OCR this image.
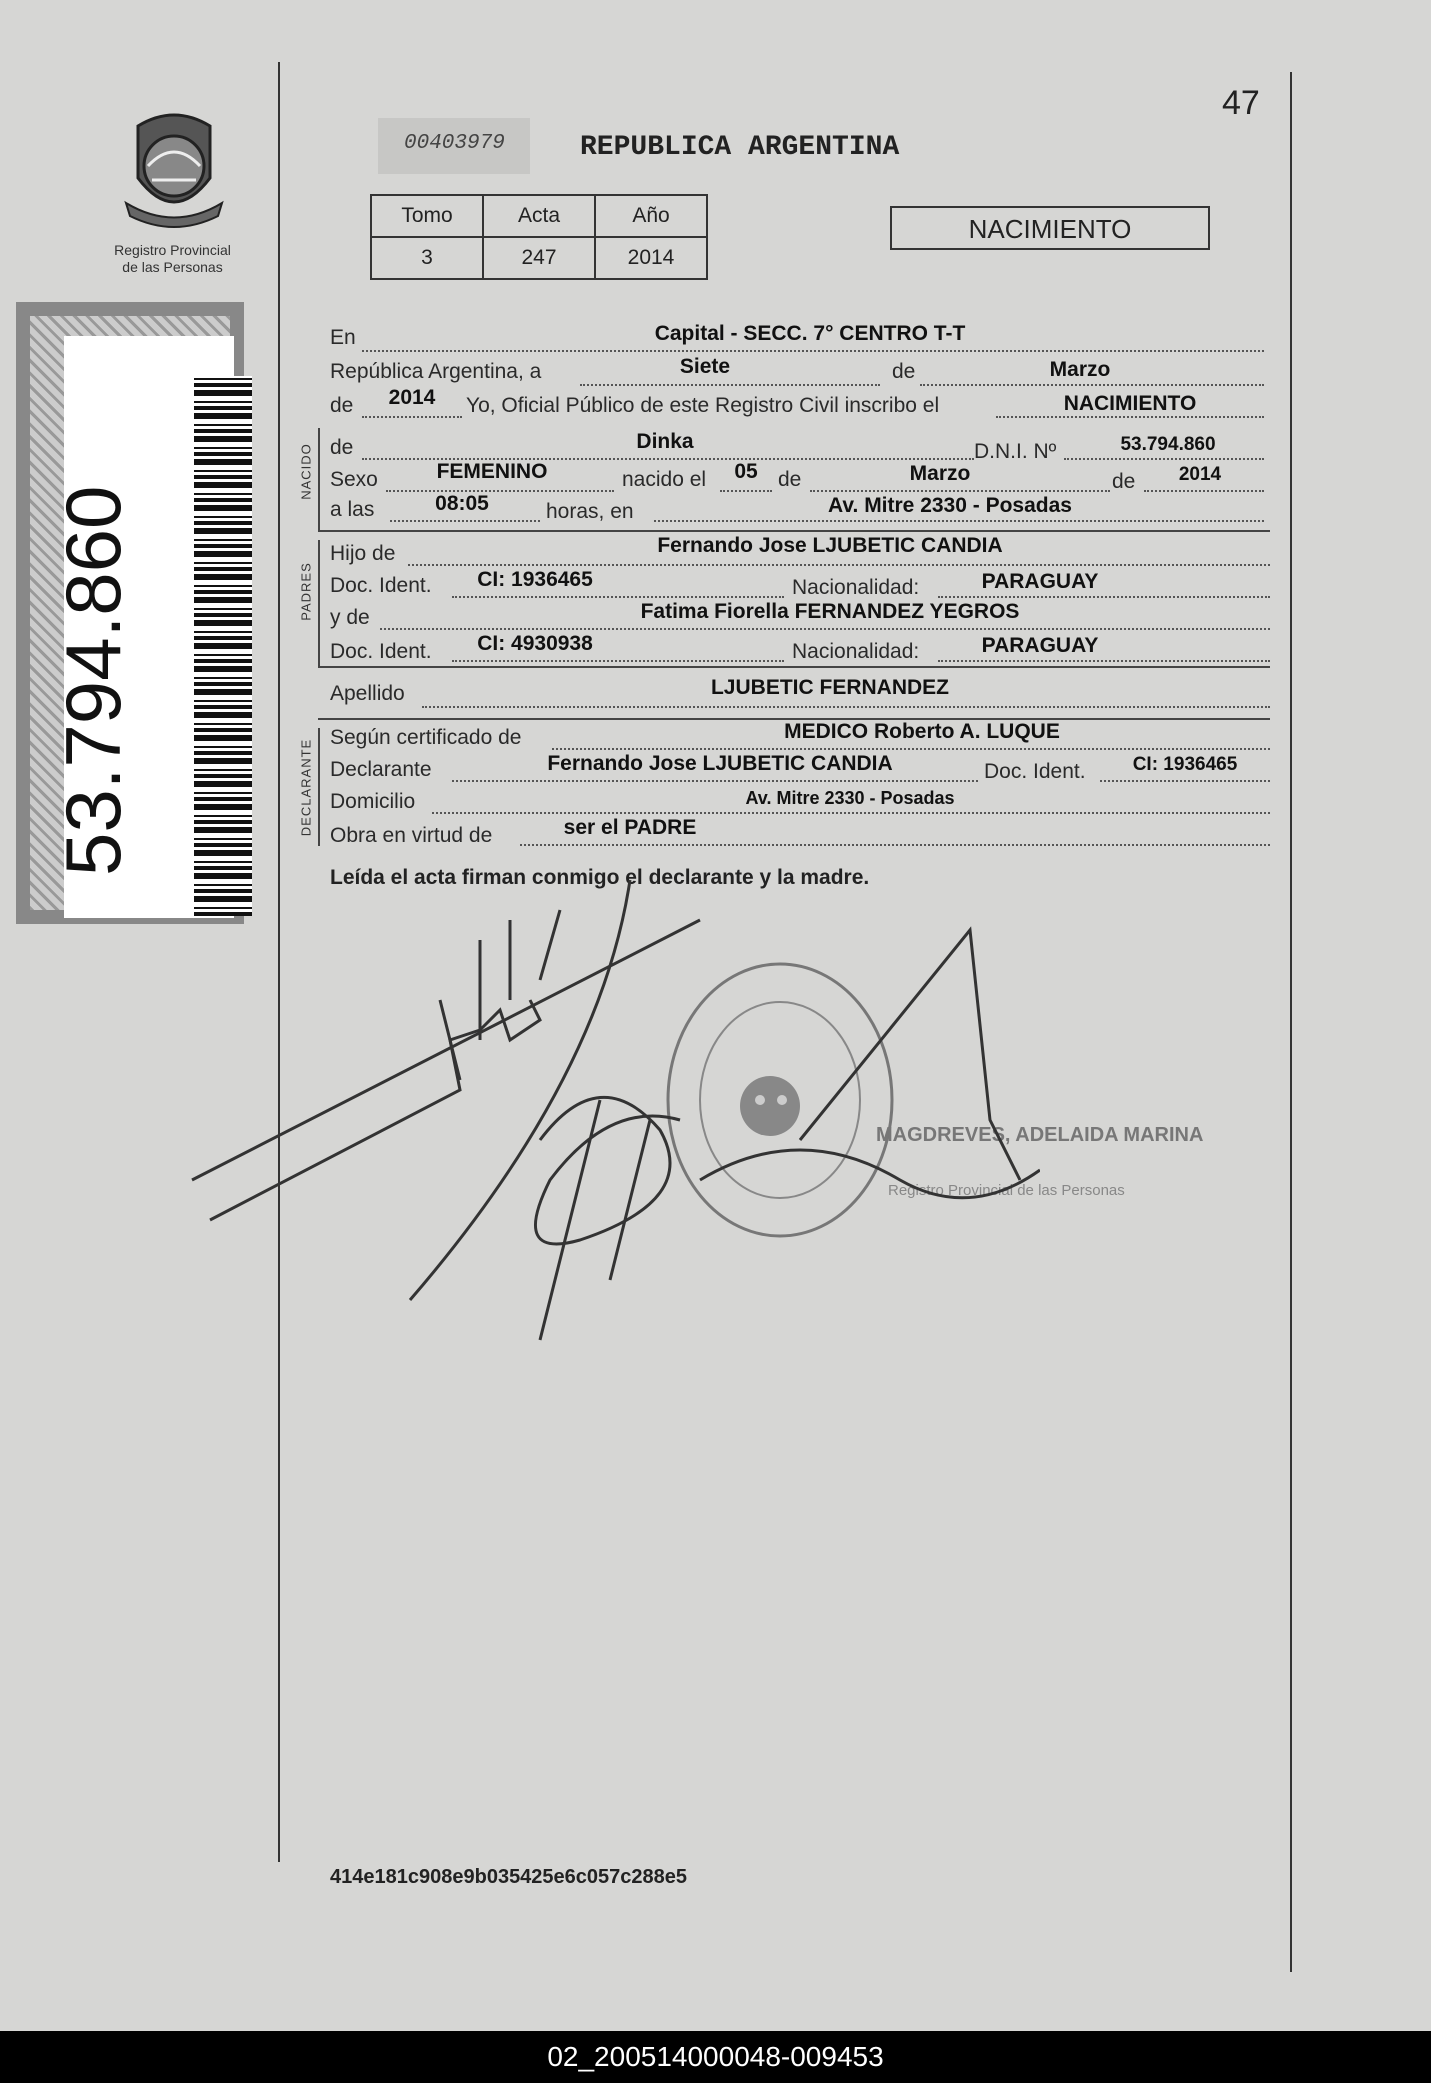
Registro Provincial
de las Personas
53.794.860
00403979	REPUBLICA ARGENTINA
47
Tomo	Acta	Año
3	247	2014
NACIMIENTO
En	Capital - SECC. 7° CENTRO T-T
República Argentina, a	Siete	de	Marzo
de	2014	Yo, Oficial Público de este Registro Civil inscribo el	NACIMIENTO
NACIDO de	Dinka	D.N.I. Nº	53.794.860
Sexo	FEMENINO	nacido el	05 de	Marzo	de	2014
a las	08:05	horas, en	Av. Mitre 2330 - Posadas
PADRES
Hijo de	Fernando Jose LJUBETIC CANDIA
Doc. Ident.	CI: 1936465	Nacionalidad:	PARAGUAY
y de	Fatima Fiorella FERNANDEZ YEGROS
Doc. Ident.	CI: 4930938	Nacionalidad:	PARAGUAY
Apellido	LJUBETIC FERNANDEZ
DECLARANTE
Según certificado de	MEDICO Roberto A. LUQUE
Declarante	Fernando Jose LJUBETIC CANDIA	Doc. Ident.	CI: 1936465
Domicilio	Av. Mitre 2330 - Posadas
Obra en virtud de	ser el PADRE
Leída el acta firman conmigo el declarante y la madre.
MAGDREVES, ADELAIDA MARINA
Registro Provincial de las Personas
414e181c908e9b035425e6c057c288e5
02_200514000048-009453
